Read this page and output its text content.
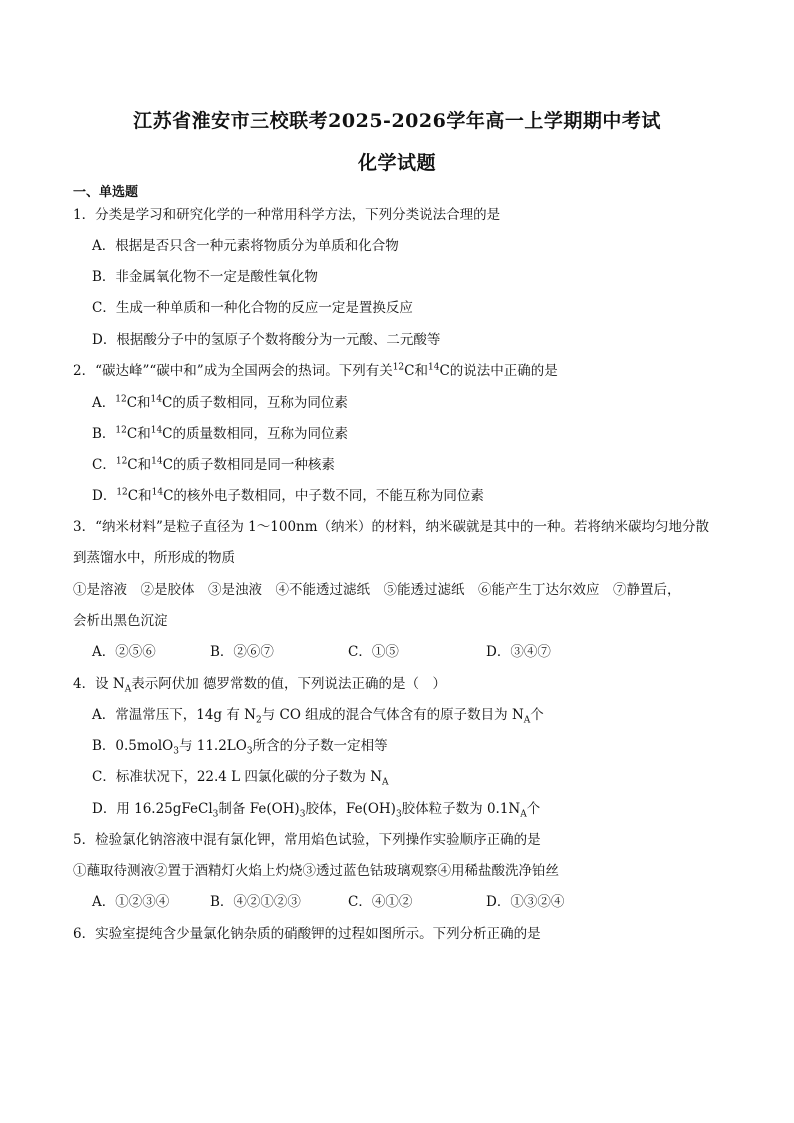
江苏省淮安市三校联考2025-2026学年高一上学期期中考试
化学试题
一、单选题
1．分类是学习和研究化学的一种常用科学方法，下列分类说法合理的是
A．根据是否只含一种元素将物质分为单质和化合物
B．非金属氧化物不一定是酸性氧化物
C．生成一种单质和一种化合物的反应一定是置换反应
D．根据酸分子中的氢原子个数将酸分为一元酸、二元酸等
2．“碳达峰”“碳中和”成为全国两会的热词。下列有关$^{12}$C和$^{14}$C的说法中正确的是
A．$^{12}$C和$^{14}$C的质子数相同，互称为同位素
B．$^{12}$C和$^{14}$C的质量数相同，互称为同位素
C．$^{12}$C和$^{14}$C的质子数相同是同一种核素
D．$^{12}$C和$^{14}$C的核外电子数相同，中子数不同，不能互称为同位素
3．“纳米材料”是粒子直径为 1～100nm（纳米）的材料，纳米碳就是其中的一种。若将纳米碳均匀地分散
到蒸馏水中，所形成的物质
①是溶液　②是胶体　③是浊液　④不能透过滤纸　⑤能透过滤纸　⑥能产生丁达尔效应　⑦静置后，
会析出黑色沉淀
A．②⑤⑥	B．②⑥⑦	C．①⑤	D．③④⑦
4．设 $N_A$表示阿伏加 德罗常数的值，下列说法正确的是（　）
A．常温常压下，14g 有 $N_2$与 CO 组成的混合气体含有的原子数目为 $N_A$个
B．0.5molO$_3$与 $11.2LO_3$所含的分子数一定相等
C．标准状况下，22.4 L 四氯化碳的分子数为 $N_A$
D．用 16.25gFeCl$_3$制备 $Fe(OH)_3$胶体，$Fe(OH)_3$胶体粒子数为 $0.1N_A$个
5．检验氯化钠溶液中混有氯化钾，常用焰色试验，下列操作实验顺序正确的是
①蘸取待测液②置于酒精灯火焰上灼烧③透过蓝色钴玻璃观察④用稀盐酸洗净铂丝
A．①②③④	B．④②①②③	C．④①②	D．①③②④
6．实验室提纯含少量氯化钠杂质的硝酸钾的过程如图所示。下列分析正确的是
